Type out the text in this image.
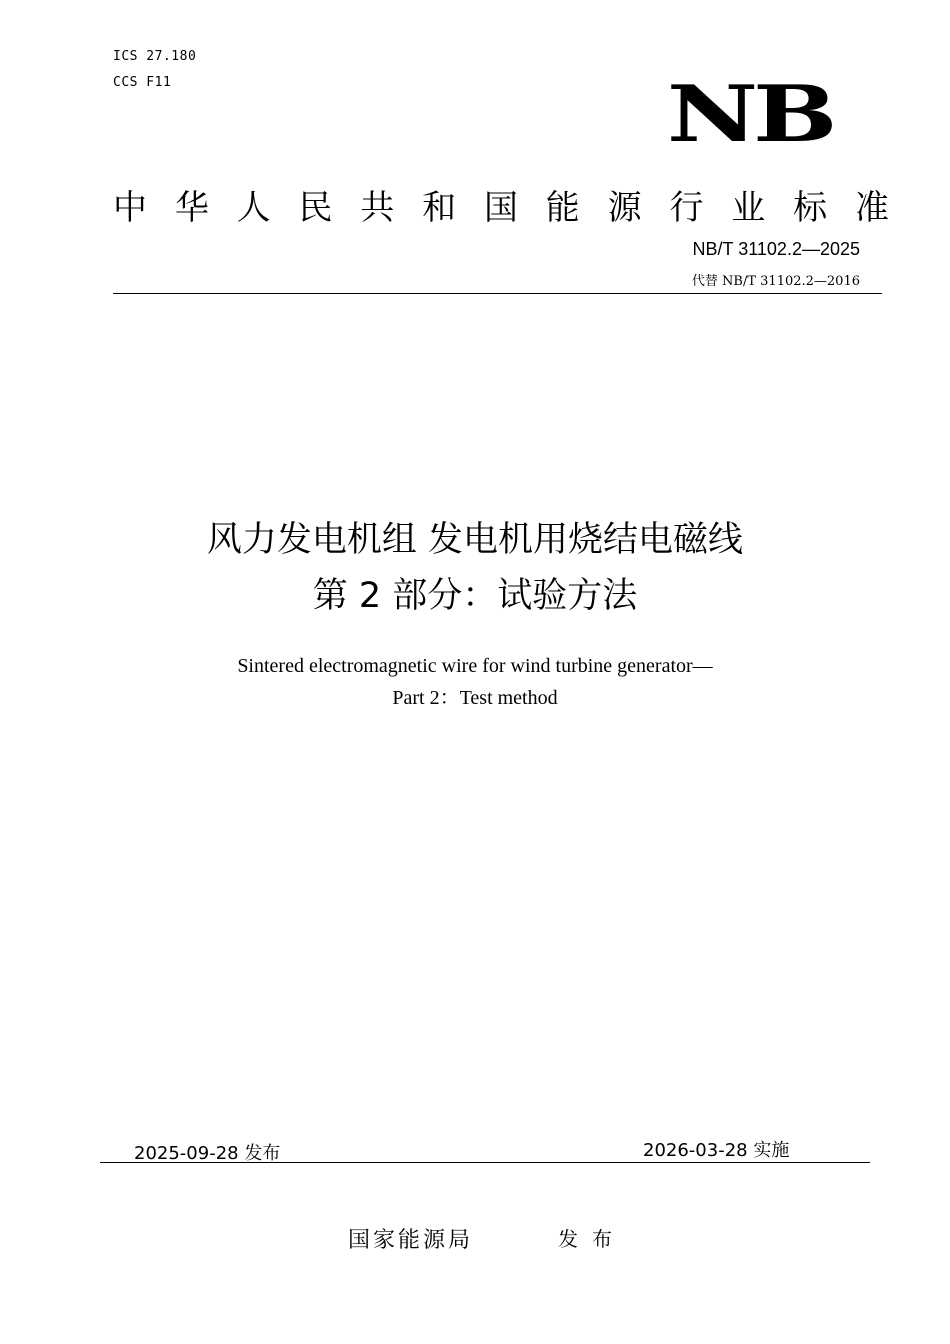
ICS 27.180
CCS F11	NB
中 华 人 民 共 和 国 能 源 行 业 标 准
NB/T 31102.2—2025
代替 NB/T 31102.2—2016
风力发电机组 发电机用烧结电磁线
第 2 部分：试验方法
Sintered electromagnetic wire for wind turbine generator—
Part 2：Test method
2025-09-28 发布	2026-03-28 实施
国家能源局	发布
